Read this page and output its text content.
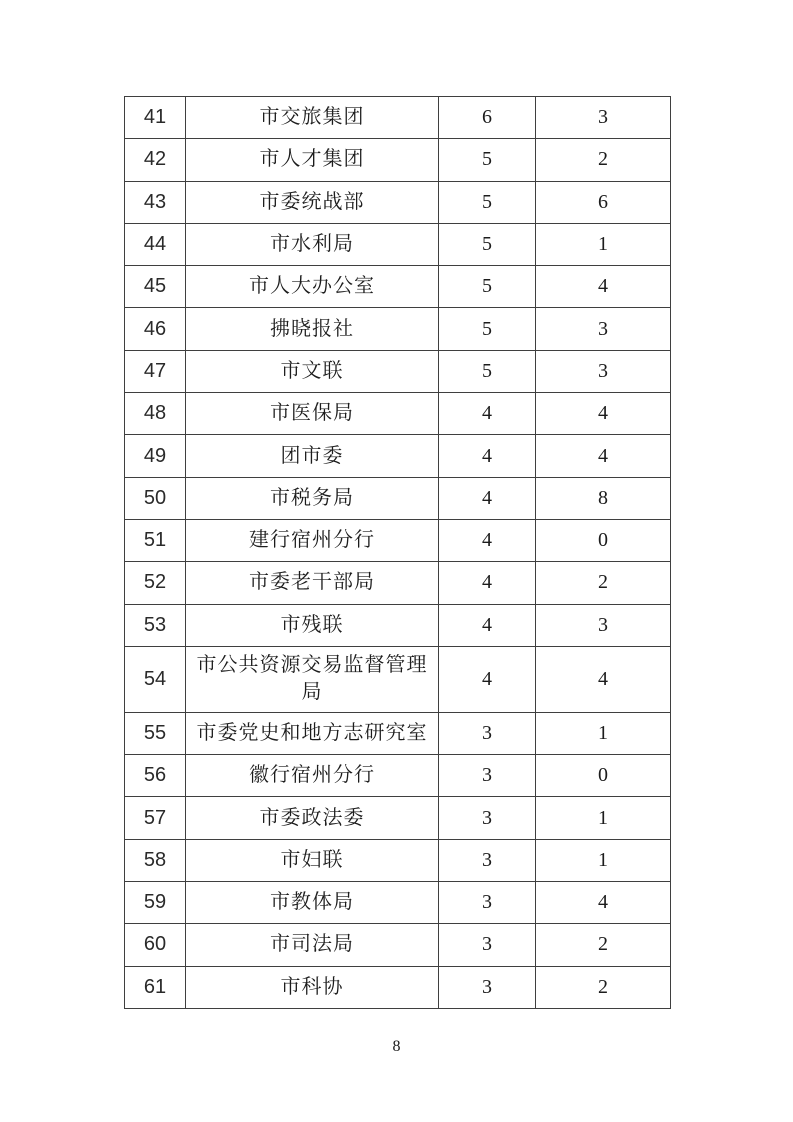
41	市交旅集团	6	3
42	市人才集团	5	2
43	市委统战部	5	6
44	市水利局	5	1
45	市人大办公室	5	4
46	拂晓报社	5	3
47	市文联	5	3
48	市医保局	4	4
49	团市委	4	4
50	市税务局	4	8
51	建行宿州分行	4	0
52	市委老干部局	4	2
53	市残联	4	3
54	市公共资源交易监督管理局	4	4
55	市委党史和地方志研究室	3	1
56	徽行宿州分行	3	0
57	市委政法委	3	1
58	市妇联	3	1
59	市教体局	3	4
60	市司法局	3	2
61	市科协	3	2
8
